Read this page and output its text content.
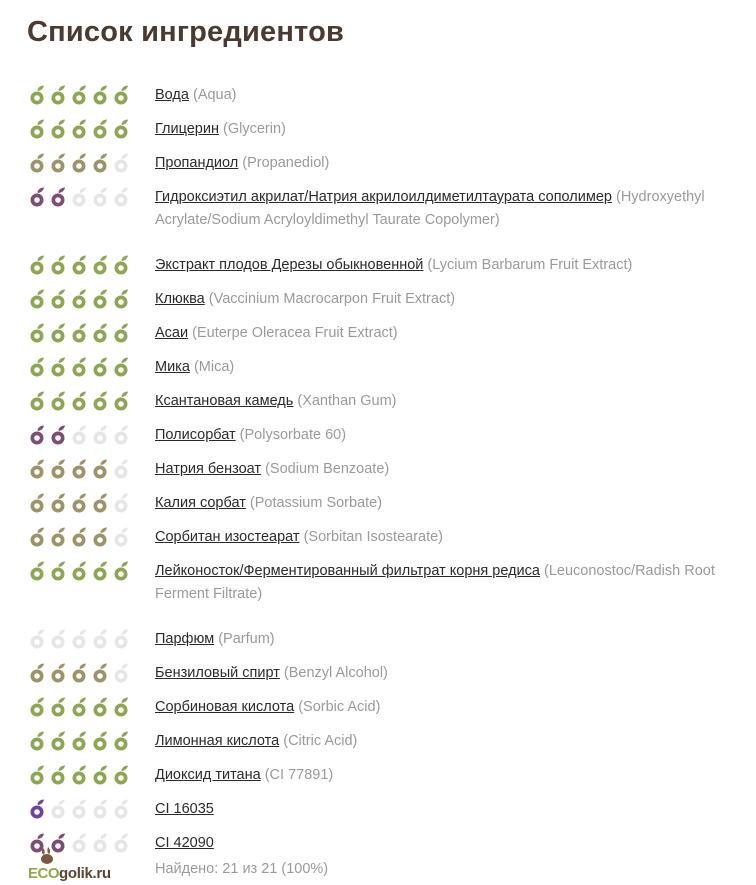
Список ингредиентов
Вода (Aqua)
Глицерин (Glycerin)
Пропандиол (Propanediol)
Гидроксиэтил акрилат/Натрия акрилоилдиметилтаурата сополимер (Hydroxyethyl Acrylate/Sodium Acryloyldimethyl Taurate Copolymer)
Экстракт плодов Дерезы обыкновенной (Lycium Barbarum Fruit Extract)
Клюква (Vaccinium Macrocarpon Fruit Extract)
Асаи (Euterpe Oleracea Fruit Extract)
Мика (Mica)
Ксантановая камедь (Xanthan Gum)
Полисорбат (Polysorbate 60)
Натрия бензоат (Sodium Benzoate)
Калия сорбат (Potassium Sorbate)
Сорбитан изостеарат (Sorbitan Isostearate)
Лейконосток/Ферментированный фильтрат корня редиса (Leuconostoc/Radish Root Ferment Filtrate)
Парфюм (Parfum)
Бензиловый спирт (Benzyl Alcohol)
Сорбиновая кислота (Sorbic Acid)
Лимонная кислота (Citric Acid)
Диоксид титана (CI 77891)
CI 16035
CI 42090
ECO golik.ru	Найдено: 21 из 21 (100%)
